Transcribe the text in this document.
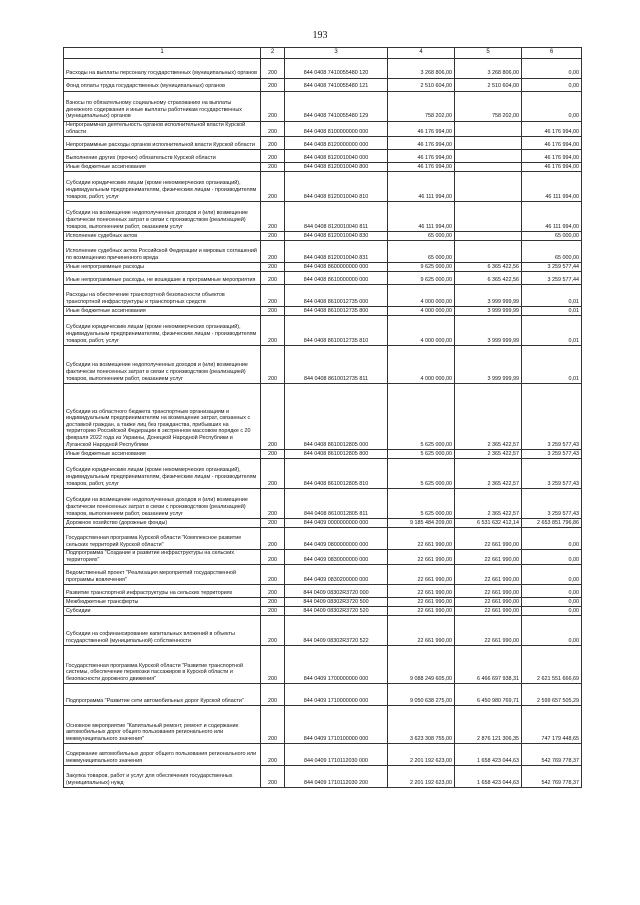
193
1	2	3	4	5	6
Расходы на выплаты персоналу государственных (муниципальных) органов	200	844 0408 7410055480 120	3 268 806,00	3 268 806,00	0,00
Фонд оплаты труда государственных (муниципальных) органов	200	844 0408 7410055480 121	2 510 604,00	2 510 604,00	0,00
Взносы по обязательному социальному страхованию на выплаты денежного содержания и иные выплаты работникам государственных (муниципальных) органов	200	844 0408 7410055480 129	758 202,00	758 202,00	0,00
Непрограммная деятельность органов исполнительной власти Курской области	200	844 0408 8100000000 000	46 176 994,00		46 176 994,00
Непрограммные расходы органов исполнительной власти Курской области	200	844 0408 8120000000 000	46 176 994,00		46 176 994,00
Выполнение других (прочих) обязательств Курской области	200	844 0408 8120010040 000	46 176 994,00		46 176 994,00
Иные бюджетные ассигнования	200	844 0408 8120010040 800	46 176 994,00		46 176 994,00
Субсидии юридическим лицам (кроме некоммерческих организаций), индивидуальным предпринимателям, физическим лицам - производителям товаров, работ, услуг	200	844 0408 8120010040 810	46 111 994,00		46 111 994,00
Субсидии на возмещение недополученных доходов и (или) возмещение фактически понесенных затрат в связи с производством (реализацией) товаров, выполнением работ, оказанием услуг	200	844 0408 8120010040 811	46 111 994,00		46 111 994,00
Исполнение судебных актов	200	844 0408 8120010040 830	65 000,00		65 000,00
Исполнение судебных актов Российской Федерации и мировых соглашений по возмещению причиненного вреда	200	844 0408 8120010040 831	65 000,00		65 000,00
Иные непрограммные расходы	200	844 0408 8600000000 000	9 625 000,00	6 365 422,56	3 259 577,44
Иные непрограммные расходы, не вошедшие в программные мероприятия	200	844 0408 8610000000 000	9 625 000,00	6 365 422,56	3 259 577,44
Расходы на обеспечение транспортной безопасности объектов транспортной инфраструктуры и транспортных средств	200	844 0408 8610012735 000	4 000 000,00	3 999 999,99	0,01
Иные бюджетные ассигнования	200	844 0408 8610012735 800	4 000 000,00	3 999 999,99	0,01
Субсидии юридическим лицам (кроме некоммерческих организаций), индивидуальным предпринимателям, физическим лицам - производителям товаров, работ, услуг	200	844 0408 8610012735 810	4 000 000,00	3 999 999,99	0,01
Субсидии на возмещение недополученных доходов и (или) возмещение фактически понесенных затрат в связи с производством (реализацией) товаров, выполнением работ, оказанием услуг	200	844 0408 8610012735 811	4 000 000,00	3 999 999,99	0,01
Субсидии из областного бюджета транспортным организациям и индивидуальным предпринимателям на возмещение затрат, связанных с доставкой граждан, а также лиц без гражданства, прибывших на территорию Российской Федерации в экстренном массовом порядке с 20 февраля 2022 года из Украины, Донецкой Народной Республики и Луганской Народной Республики	200	844 0408 8610012805 000	5 625 000,00	2 365 422,57	3 259 577,43
Иные бюджетные ассигнования	200	844 0408 8610012805 800	5 625 000,00	2 365 422,57	3 259 577,43
Субсидии юридическим лицам (кроме некоммерческих организаций), индивидуальным предпринимателям, физическим лицам - производителям товаров, работ, услуг	200	844 0408 8610012805 810	5 625 000,00	2 365 422,57	3 259 577,43
Субсидии на возмещение недополученных доходов и (или) возмещение фактически понесенных затрат в связи с производством (реализацией) товаров, выполнением работ, оказанием услуг	200	844 0408 8610012805 811	5 625 000,00	2 365 422,57	3 259 577,43
Дорожное хозяйство (дорожные фонды)	200	844 0409 0000000000 000	9 185 484 209,00	6 531 632 412,14	2 653 851 796,86
Государственная программа Курской области "Комплексное развитие сельских территорий Курской области"	200	844 0409 0800000000 000	22 661 990,00	22 661 990,00	0,00
Подпрограмма "Создание и развитие инфраструктуры на сельских территориях"	200	844 0409 0830000000 000	22 661 990,00	22 661 990,00	0,00
Ведомственный проект "Реализация мероприятий государственной программы вовлечения"	200	844 0409 0830200000 000	22 661 990,00	22 661 990,00	0,00
Развитие транспортной инфраструктуры на сельских территориях	200	844 0409 08302R3720 000	22 661 990,00	22 661 990,00	0,00
Межбюджетные трансферты	200	844 0409 08302R3720 500	22 661 990,00	22 661 990,00	0,00
Субсидии	200	844 0409 08302R3720 520	22 661 990,00	22 661 990,00	0,00
Субсидии на софинансирование капитальных вложений в объекты государственной (муниципальной) собственности	200	844 0409 08302R3720 522	22 661 990,00	22 661 990,00	0,00
Государственная программа Курской области "Развитие транспортной системы, обеспечение перевозки пассажиров в Курской области и безопасности дорожного движения"	200	844 0409 1700000000 000	9 088 249 605,00	6 466 697 938,31	2 621 551 666,69
Подпрограмма "Развитие сети автомобильных дорог Курской области"	200	844 0409 1710000000 000	9 050 638 275,00	6 450 980 769,71	2 599 657 505,29
Основное мероприятие "Капитальный ремонт, ремонт и содержание автомобильных дорог общего пользования регионального или межмуниципального значения"	200	844 0409 1710100000 000	3 623 308 755,00	2 876 121 306,35	747 179 448,65
Содержание автомобильных дорог общего пользования регионального или межмуниципального значения	200	844 0409 1710112030 000	2 201 192 623,00	1 658 423 044,63	542 769 778,37
Закупка товаров, работ и услуг для обеспечения государственных (муниципальных) нужд	200	844 0409 1710112030 200	2 201 192 623,00	1 658 423 044,63	542 769 778,37
